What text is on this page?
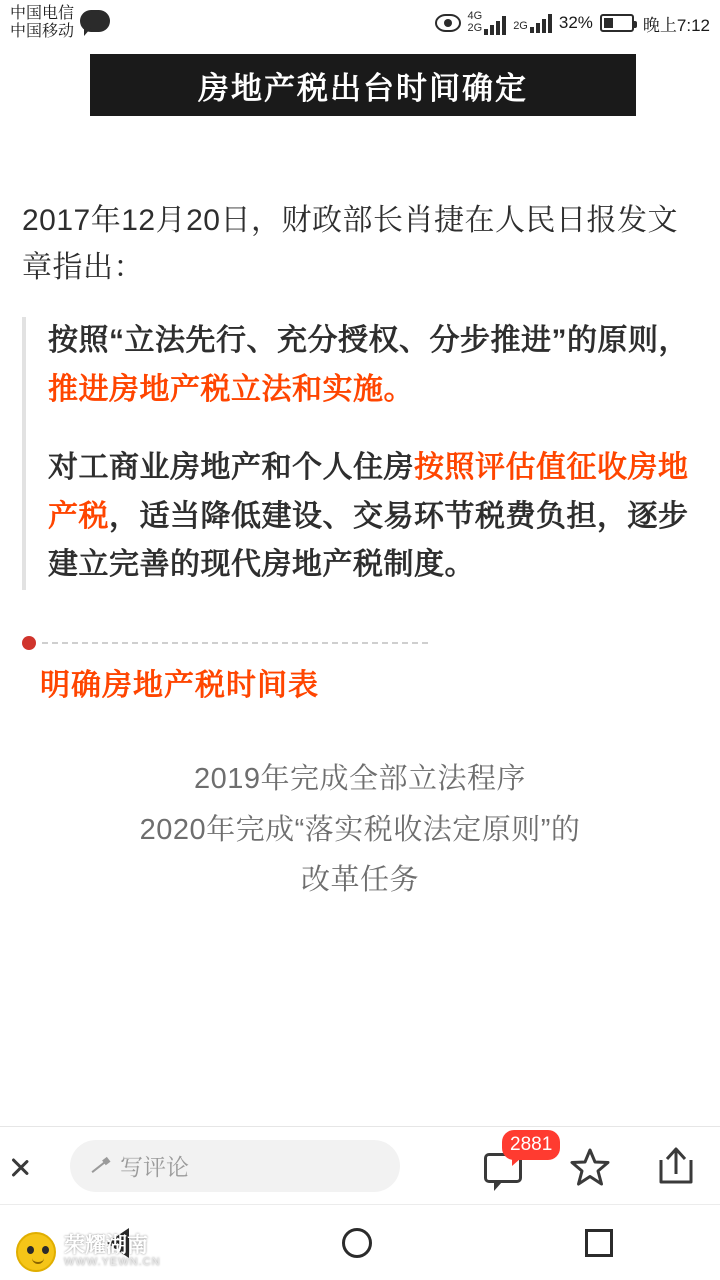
中国电信
中国移动
4G
2G	2G 32%	晚上7:12
房地产税出台时间确定
2017年12月20日，财政部长肖捷在人民日报发文章指出：

按照“立法先行、充分授权、分步推进”的原则，推进房地产税立法和实施。

对工商业房地产和个人住房按照评估值征收房地产税，适当降低建设、交易环节税费负担，逐步建立完善的现代房地产税制度。

明确房地产税时间表
2019年完成全部立法程序
2020年完成“落实税收法定原则”的
改革任务
写评论
2881
荣耀湖南
WWW.YEWN.CN
